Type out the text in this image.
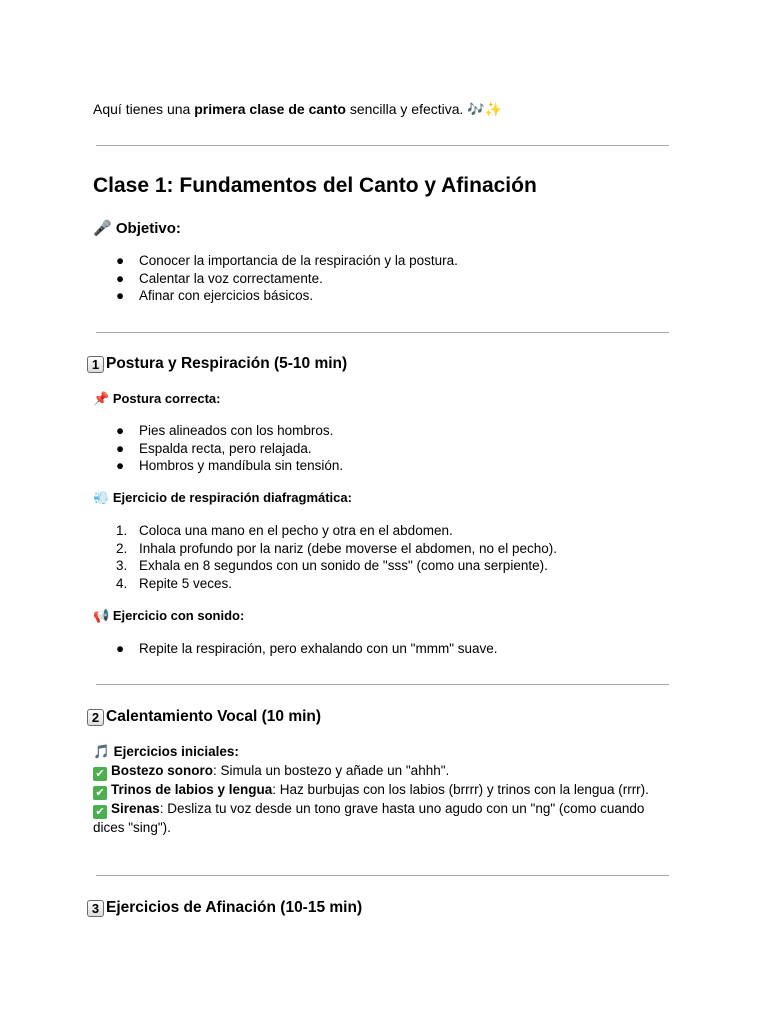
Aquí tienes una primera clase de canto sencilla y efectiva. 🎶✨
Clase 1: Fundamentos del Canto y Afinación
🎤 Objetivo:
● Conocer la importancia de la respiración y la postura.
● Calentar la voz correctamente.
● Afinar con ejercicios básicos.
1 Postura y Respiración (5-10 min)
📌 Postura correcta:
● Pies alineados con los hombros.
● Espalda recta, pero relajada.
● Hombros y mandíbula sin tensión.
💨 Ejercicio de respiración diafragmática:
1. Coloca una mano en el pecho y otra en el abdomen.
2. Inhala profundo por la nariz (debe moverse el abdomen, no el pecho).
3. Exhala en 8 segundos con un sonido de "sss" (como una serpiente).
4. Repite 5 veces.
📢 Ejercicio con sonido:
● Repite la respiración, pero exhalando con un "mmm" suave.
2 Calentamiento Vocal (10 min)
🎵 Ejercicios iniciales:
✔ Bostezo sonoro: Simula un bostezo y añade un "ahhh".
✔ Trinos de labios y lengua: Haz burbujas con los labios (brrrr) y trinos con la lengua (rrrr).
✔ Sirenas: Desliza tu voz desde un tono grave hasta uno agudo con un "ng" (como cuando dices "sing").
3 Ejercicios de Afinación (10-15 min)
